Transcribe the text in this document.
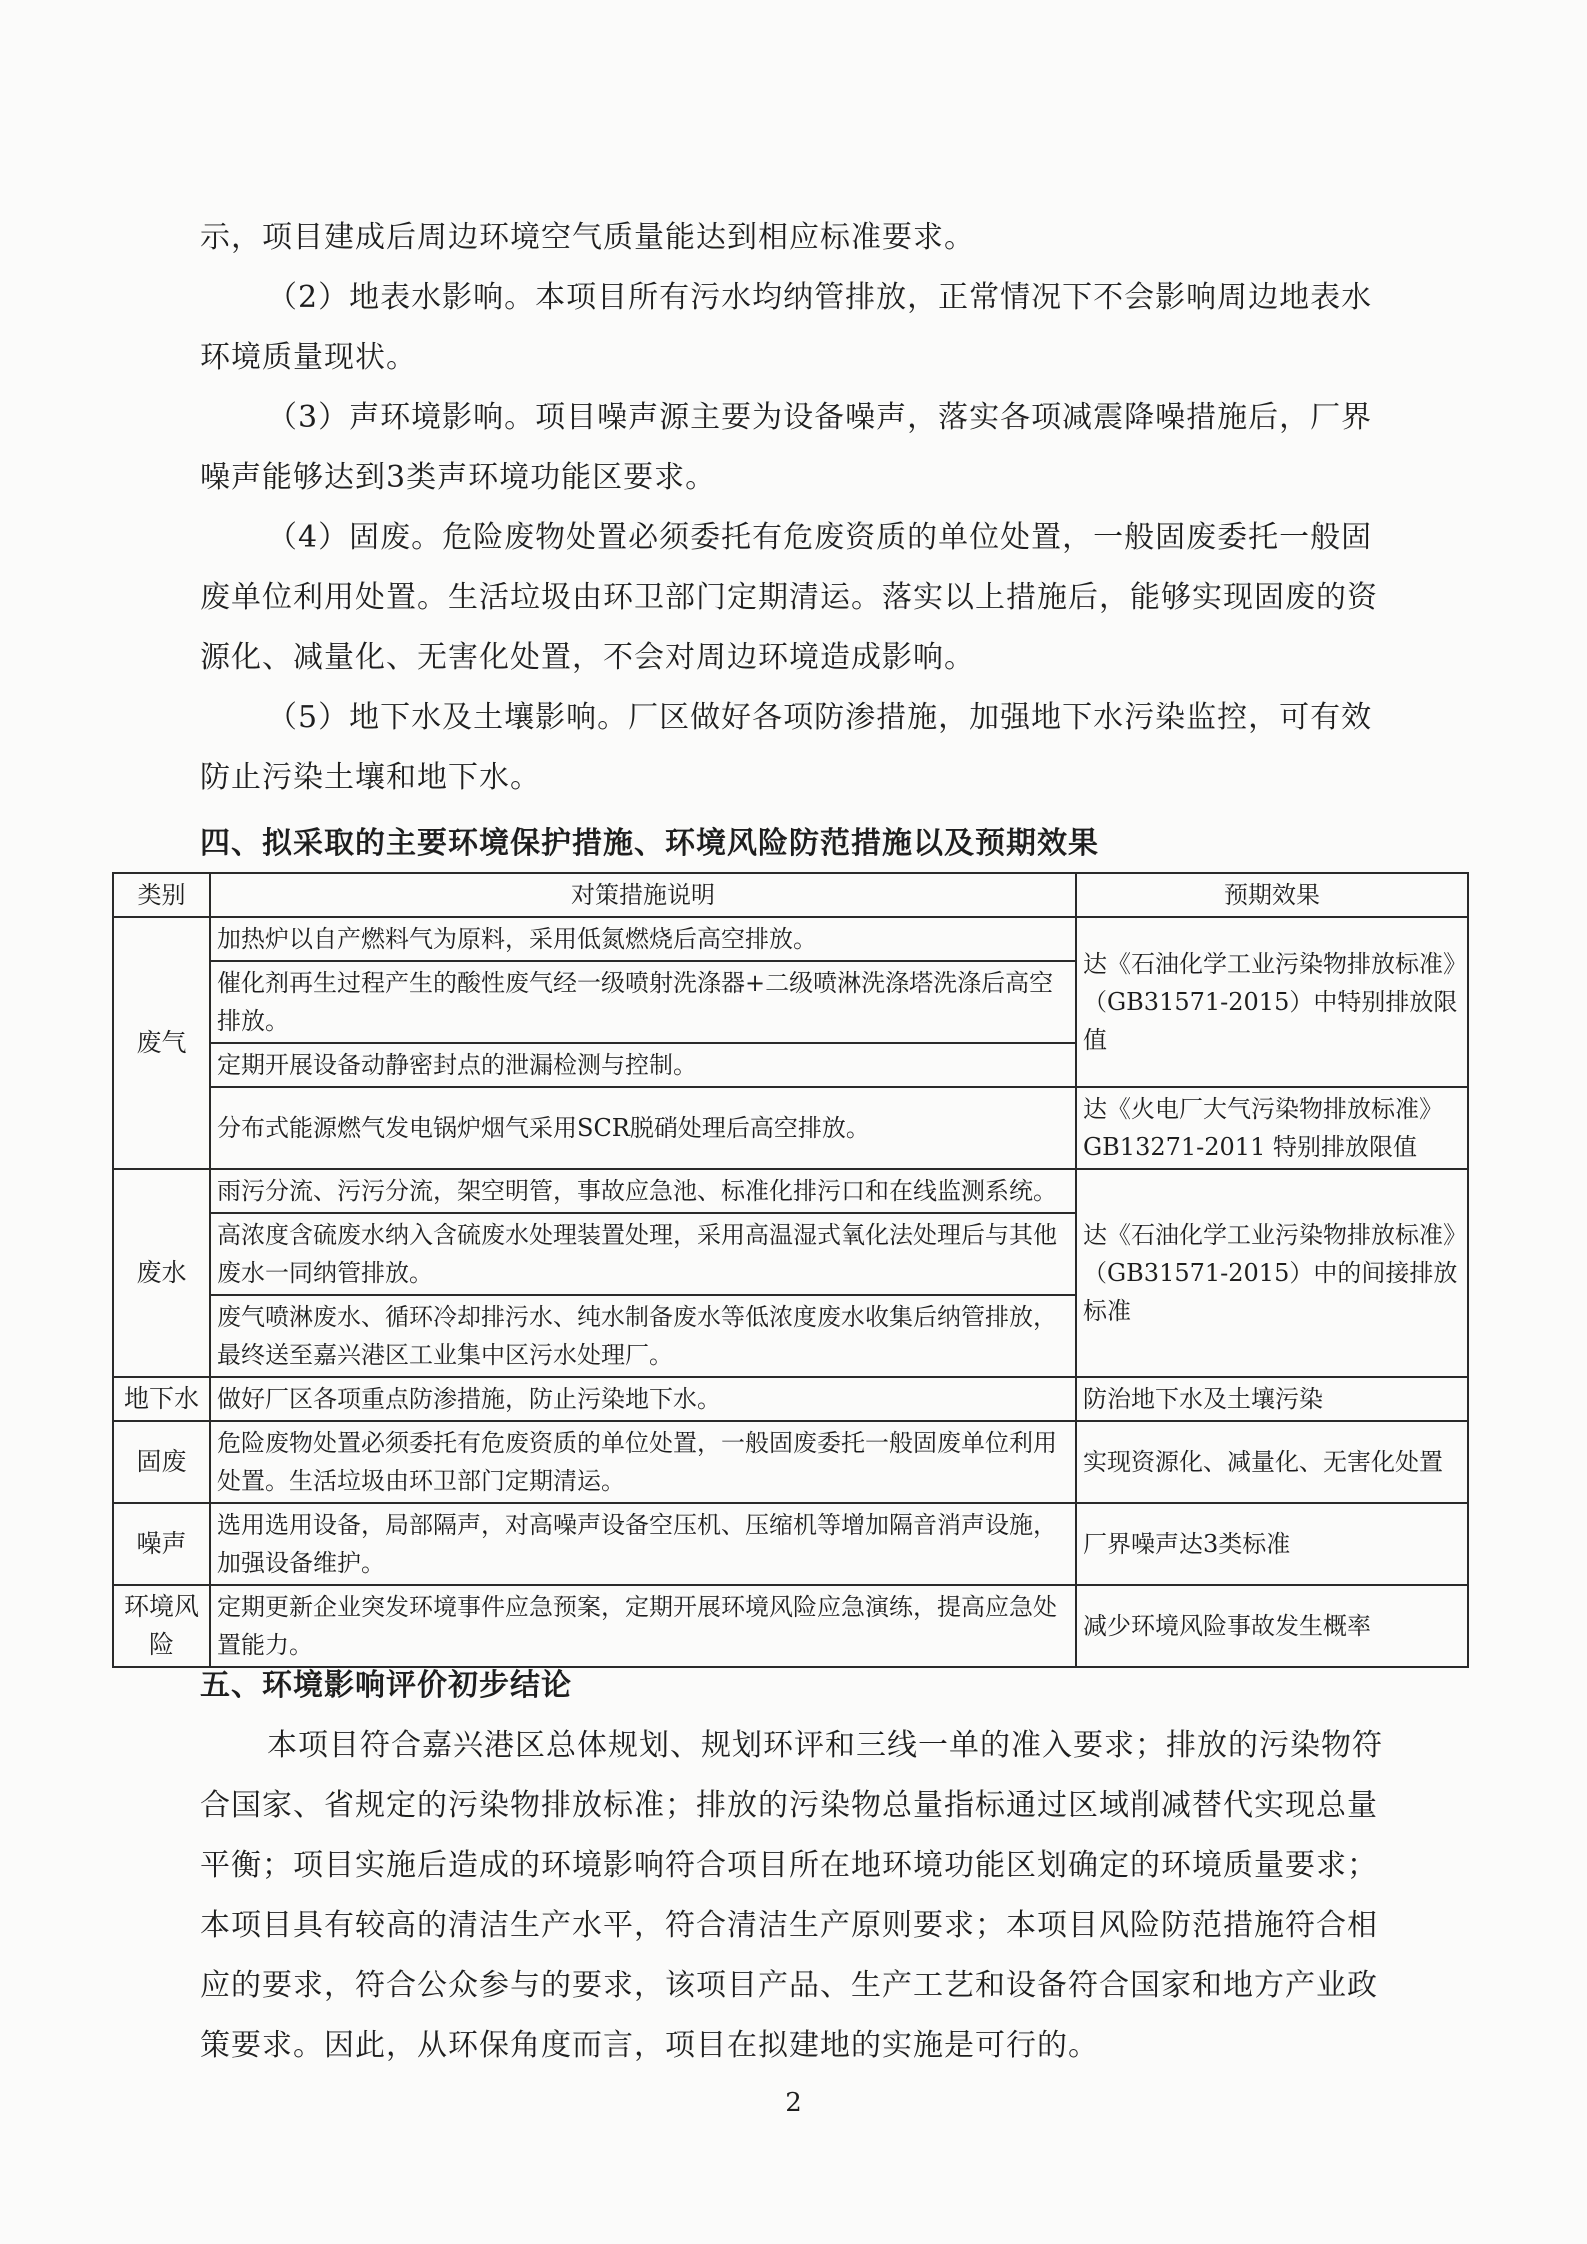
示，项目建成后周边环境空气质量能达到相应标准要求。

（2）地表水影响。本项目所有污水均纳管排放，正常情况下不会影响周边地表水环境质量现状。

（3）声环境影响。项目噪声源主要为设备噪声，落实各项减震降噪措施后，厂界噪声能够达到3类声环境功能区要求。

（4）固废。危险废物处置必须委托有危废资质的单位处置，一般固废委托一般固废单位利用处置。生活垃圾由环卫部门定期清运。落实以上措施后，能够实现固废的资源化、减量化、无害化处置，不会对周边环境造成影响。

（5）地下水及土壤影响。厂区做好各项防渗措施，加强地下水污染监控，可有效防止污染土壤和地下水。

四、拟采取的主要环境保护措施、环境风险防范措施以及预期效果
类别	对策措施说明	预期效果
废气	加热炉以自产燃料气为原料，采用低氮燃烧后高空排放。	达《石油化学工业污染物排放标准》（GB31571-2015）中特别排放限值
	催化剂再生过程产生的酸性废气经一级喷射洗涤器+二级喷淋洗涤塔洗涤后高空排放。	
	定期开展设备动静密封点的泄漏检测与控制。	
	分布式能源燃气发电锅炉烟气采用SCR脱硝处理后高空排放。	达《火电厂大气污染物排放标准》GB13271-2011 特别排放限值
废水	雨污分流、污污分流，架空明管，事故应急池、标准化排污口和在线监测系统。	达《石油化学工业污染物排放标准》（GB31571-2015）中的间接排放标准
	高浓度含硫废水纳入含硫废水处理装置处理，采用高温湿式氧化法处理后与其他废水一同纳管排放。	
	废气喷淋废水、循环冷却排污水、纯水制备废水等低浓度废水收集后纳管排放，最终送至嘉兴港区工业集中区污水处理厂。	
地下水	做好厂区各项重点防渗措施，防止污染地下水。	防治地下水及土壤污染
固废	危险废物处置必须委托有危废资质的单位处置，一般固废委托一般固废单位利用处置。生活垃圾由环卫部门定期清运。	实现资源化、减量化、无害化处置
噪声	选用选用设备，局部隔声，对高噪声设备空压机、压缩机等增加隔音消声设施，加强设备维护。	厂界噪声达3类标准
环境风险	定期更新企业突发环境事件应急预案，定期开展环境风险应急演练，提高应急处置能力。	减少环境风险事故发生概率
五、环境影响评价初步结论

本项目符合嘉兴港区总体规划、规划环评和三线一单的准入要求；排放的污染物符合国家、省规定的污染物排放标准；排放的污染物总量指标通过区域削减替代实现总量平衡；项目实施后造成的环境影响符合项目所在地环境功能区划确定的环境质量要求；本项目具有较高的清洁生产水平，符合清洁生产原则要求；本项目风险防范措施符合相应的要求，符合公众参与的要求，该项目产品、生产工艺和设备符合国家和地方产业政策要求。因此，从环保角度而言，项目在拟建地的实施是可行的。

2
